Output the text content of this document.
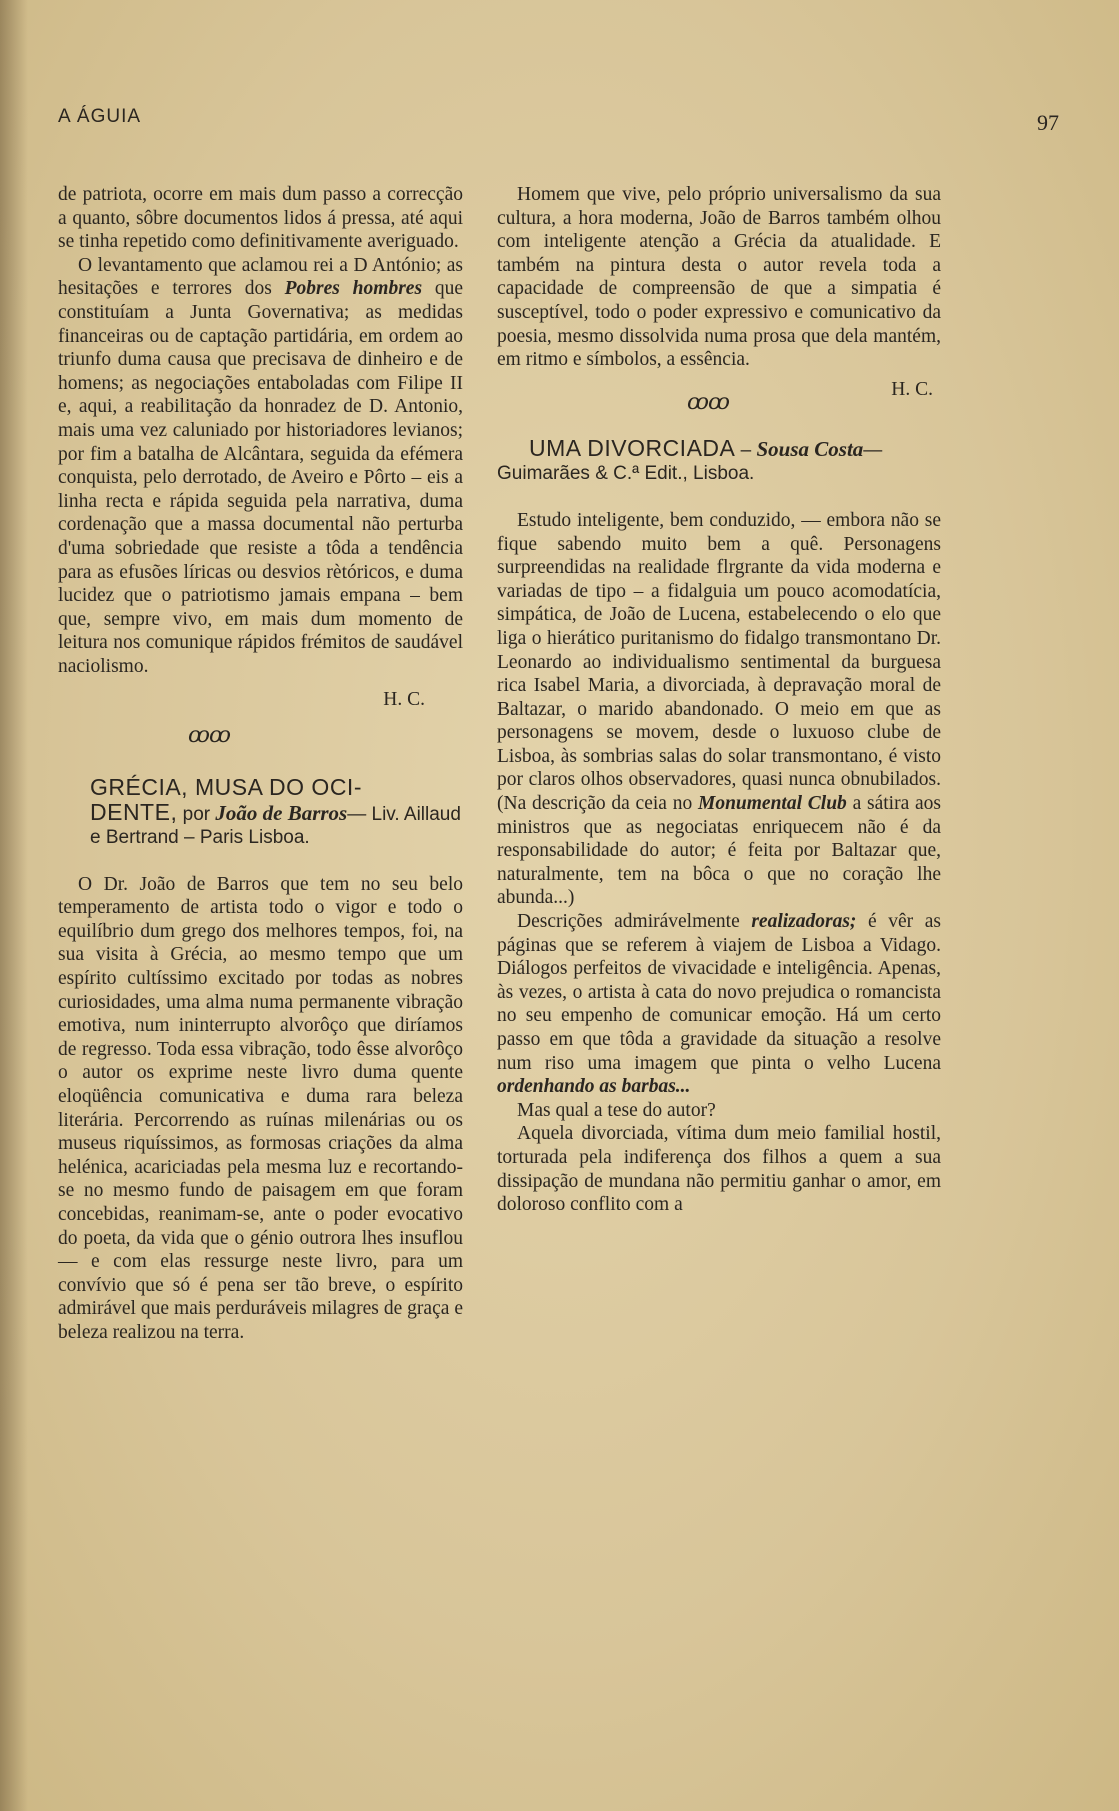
A ÁGUIA	97

de patriota, ocorre em mais dum passo a correcção a quanto, sôbre documentos lidos á pressa, até aqui se tinha repetido como definitivamente averiguado.

O levantamento que aclamou rei a D António; as hesitações e terrores dos Pobres hombres que constituíam a Junta Governativa; as medidas financeiras ou de captação partidária, em ordem ao triunfo duma causa que precisava de dinheiro e de homens; as negociações entaboladas com Filipe II e, aqui, a reabilitação da honradez de D. Antonio, mais uma vez caluniado por historiadores levianos; por fim a batalha de Alcântara, seguida da efémera conquista, pelo derrotado, de Aveiro e Pôrto – eis a linha recta e rápida seguida pela narrativa, duma cordenação que a massa documental não perturba d'uma sobriedade que resiste a tôda a tendência para as efusões líricas ou desvios rètóricos, e duma lucidez que o patriotismo jamais empana – bem que, sempre vivo, em mais dum momento de leitura nos comunique rápidos frémitos de saudável naciolismo.

H. C.

ꝏꝏ
GRÉCIA, MUSA DO OCI-
DENTE, por João de Barros— Liv. Aillaud e Bertrand – Paris Lisboa.

O Dr. João de Barros que tem no seu belo temperamento de artista todo o vigor e todo o equilíbrio dum grego dos melhores tempos, foi, na sua visita à Grécia, ao mesmo tempo que um espírito cultíssimo excitado por todas as nobres curiosidades, uma alma numa permanente vibração emotiva, num ininterrupto alvorôço que diríamos de regresso. Toda essa vibração, todo êsse alvorôço o autor os exprime neste livro duma quente eloqüência comunicativa e duma rara beleza literária. Percorrendo as ruínas milenárias ou os museus riquíssimos, as formosas criações da alma helénica, acariciadas pela mesma luz e recortando-se no mesmo fundo de paisagem em que foram concebidas, reanimam-se, ante o poder evocativo do poeta, da vida que o génio outrora lhes insuflou — e com elas ressurge neste livro, para um convívio que só é pena ser tão breve, o espírito admirável que mais perduráveis milagres de graça e beleza realizou na terra.

Homem que vive, pelo próprio universalismo da sua cultura, a hora moderna, João de Barros também olhou com inteligente atenção a Grécia da atualidade. E também na pintura desta o autor revela toda a capacidade de compreensão de que a simpatia é susceptível, todo o poder expressivo e comunicativo da poesia, mesmo dissolvida numa prosa que dela mantém, em ritmo e símbolos, a essência.

H. C.

ꝏꝏ
UMA DIVORCIADA – Sousa Costa— Guimarães & C.ª Edit., Lisboa.

Estudo inteligente, bem conduzido, — embora não se fique sabendo muito bem a quê. Personagens surpreendidas na realidade flrgrante da vida moderna e variadas de tipo – a fidalguia um pouco acomodatícia, simpática, de João de Lucena, estabelecendo o elo que liga o hierático puritanismo do fidalgo transmontano Dr. Leonardo ao individualismo sentimental da burguesa rica Isabel Maria, a divorciada, à depravação moral de Baltazar, o marido abandonado. O meio em que as personagens se movem, desde o luxuoso clube de Lisboa, às sombrias salas do solar transmontano, é visto por claros olhos observadores, quasi nunca obnubilados. (Na descrição da ceia no Monumental Club a sátira aos ministros que as negociatas enriquecem não é da responsabilidade do autor; é feita por Baltazar que, naturalmente, tem na bôca o que no coração lhe abunda...)

Descrições admirávelmente realizadoras; é vêr as páginas que se referem à viajem de Lisboa a Vidago. Diálogos perfeitos de vivacidade e inteligência. Apenas, às vezes, o artista à cata do novo prejudica o romancista no seu empenho de comunicar emoção. Há um certo passo em que tôda a gravidade da situação a resolve num riso uma imagem que pinta o velho Lucena ordenhando as barbas...

Mas qual a tese do autor?

Aquela divorciada, vítima dum meio familial hostil, torturada pela indiferença dos filhos a quem a sua dissipação de mundana não permitiu ganhar o amor, em doloroso conflito com a
